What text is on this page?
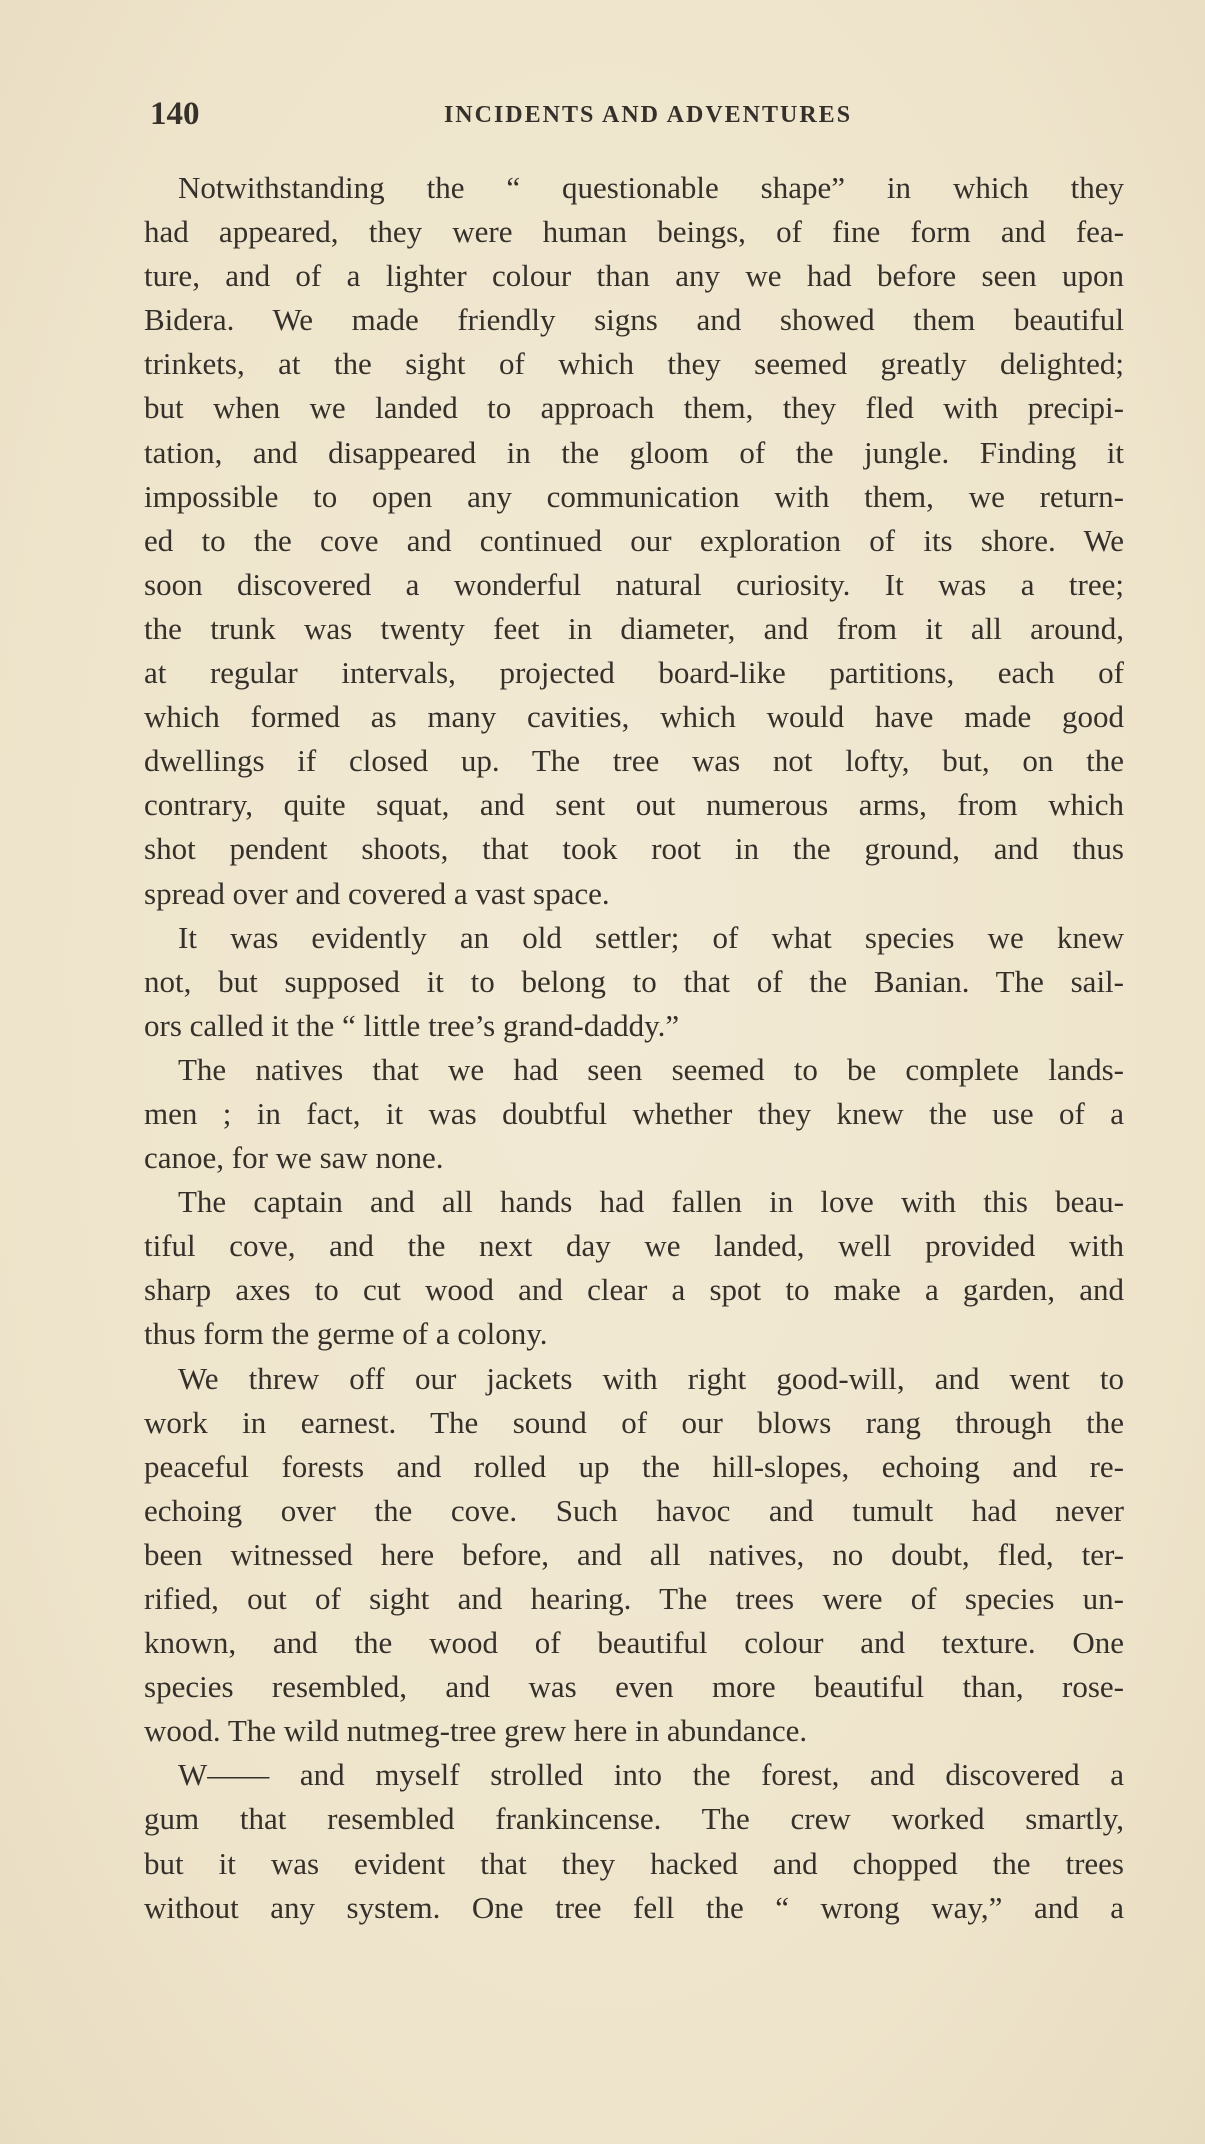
140	INCIDENTS AND ADVENTURES
Notwithstanding the “ questionable shape” in which they
had appeared, they were human beings, of fine form and fea-
ture, and of a lighter colour than any we had before seen upon
Bidera. We made friendly signs and showed them beautiful
trinkets, at the sight of which they seemed greatly delighted;
but when we landed to approach them, they fled with precipi-
tation, and disappeared in the gloom of the jungle. Finding it
impossible to open any communication with them, we return-
ed to the cove and continued our exploration of its shore. We
soon discovered a wonderful natural curiosity. It was a tree;
the trunk was twenty feet in diameter, and from it all around,
at regular intervals, projected board-like partitions, each of
which formed as many cavities, which would have made good
dwellings if closed up. The tree was not lofty, but, on the
contrary, quite squat, and sent out numerous arms, from which
shot pendent shoots, that took root in the ground, and thus
spread over and covered a vast space.
It was evidently an old settler; of what species we knew
not, but supposed it to belong to that of the Banian. The sail-
ors called it the “ little tree’s grand-daddy.”
The natives that we had seen seemed to be complete lands-
men ; in fact, it was doubtful whether they knew the use of a
canoe, for we saw none.
The captain and all hands had fallen in love with this beau-
tiful cove, and the next day we landed, well provided with
sharp axes to cut wood and clear a spot to make a garden, and
thus form the germe of a colony.
We threw off our jackets with right good-will, and went to
work in earnest. The sound of our blows rang through the
peaceful forests and rolled up the hill-slopes, echoing and re-
echoing over the cove. Such havoc and tumult had never
been witnessed here before, and all natives, no doubt, fled, ter-
rified, out of sight and hearing. The trees were of species un-
known, and the wood of beautiful colour and texture. One
species resembled, and was even more beautiful than, rose-
wood. The wild nutmeg-tree grew here in abundance.
W—— and myself strolled into the forest, and discovered a
gum that resembled frankincense. The crew worked smartly,
but it was evident that they hacked and chopped the trees
without any system. One tree fell the “ wrong way,” and a
